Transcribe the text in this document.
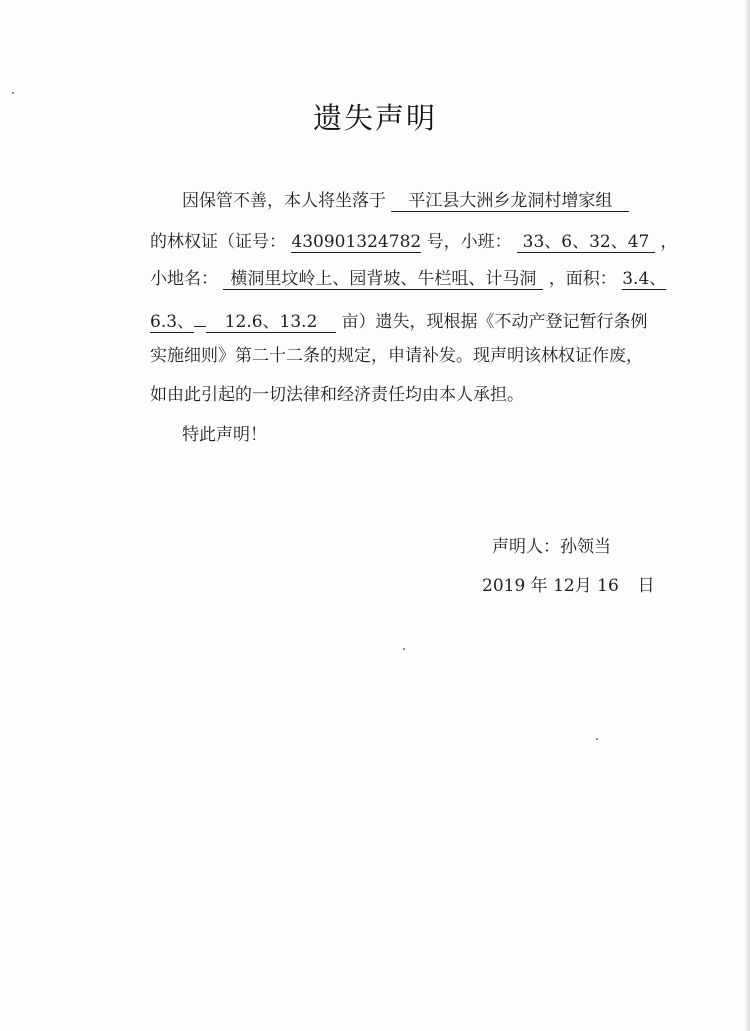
遗失声明
因保管不善，本人将坐落于 平江县大洲乡龙洞村增家组
的林权证（证号： 430901324782 号，小班： 33、6、32、47 ，
小地名： 横洞里坟岭上、园背坡、牛栏咀、计马洞 ，面积： 3.4、
6.3、 12.6、13.2 亩）遗失，现根据《不动产登记暂行条例
实施细则》第二十二条的规定，申请补发。现声明该林权证作废，
如由此引起的一切法律和经济责任均由本人承担。
特此声明！
声明人：孙领当
2019 年 12月 16 日
